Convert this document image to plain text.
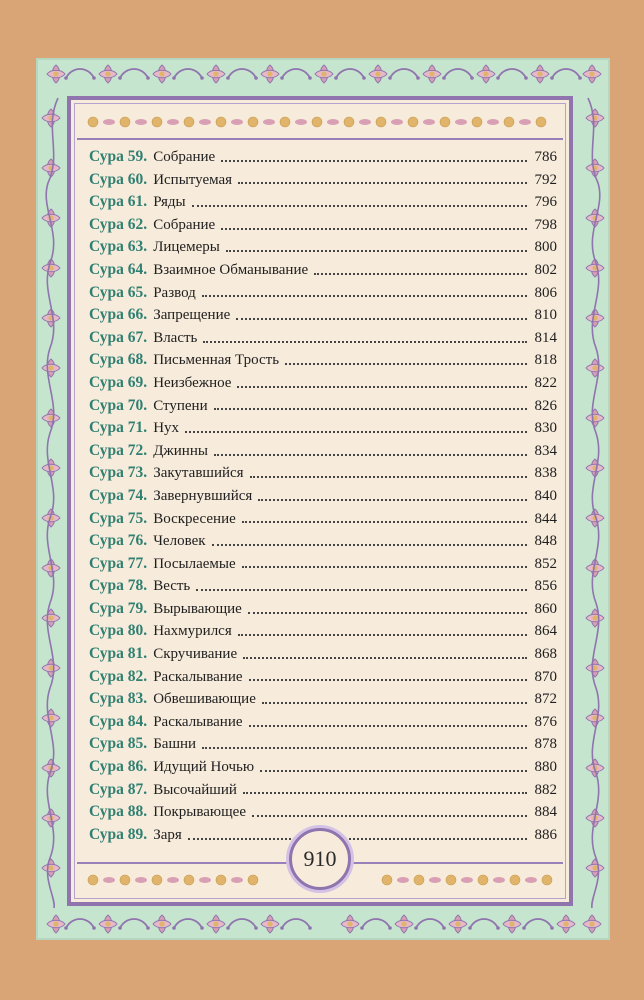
Сура 59. Собрание	786
Сура 60. Испытуемая	792
Сура 61. Ряды	796
Сура 62. Собрание	798
Сура 63. Лицемеры	800
Сура 64. Взаимное Обманывание	802
Сура 65. Развод	806
Сура 66. Запрещение	810
Сура 67. Власть	814
Сура 68. Письменная Трость	818
Сура 69. Неизбежное	822
Сура 70. Ступени	826
Сура 71. Нух	830
Сура 72. Джинны	834
Сура 73. Закутавшийся	838
Сура 74. Завернувшийся	840
Сура 75. Воскресение	844
Сура 76. Человек	848
Сура 77. Посылаемые	852
Сура 78. Весть	856
Сура 79. Вырывающие	860
Сура 80. Нахмурился	864
Сура 81. Скручивание	868
Сура 82. Раскалывание	870
Сура 83. Обвешивающие	872
Сура 84. Раскалывание	876
Сура 85. Башни	878
Сура 86. Идущий Ночью	880
Сура 87. Высочайший	882
Сура 88. Покрывающее	884
Сура 89. Заря	886
910
